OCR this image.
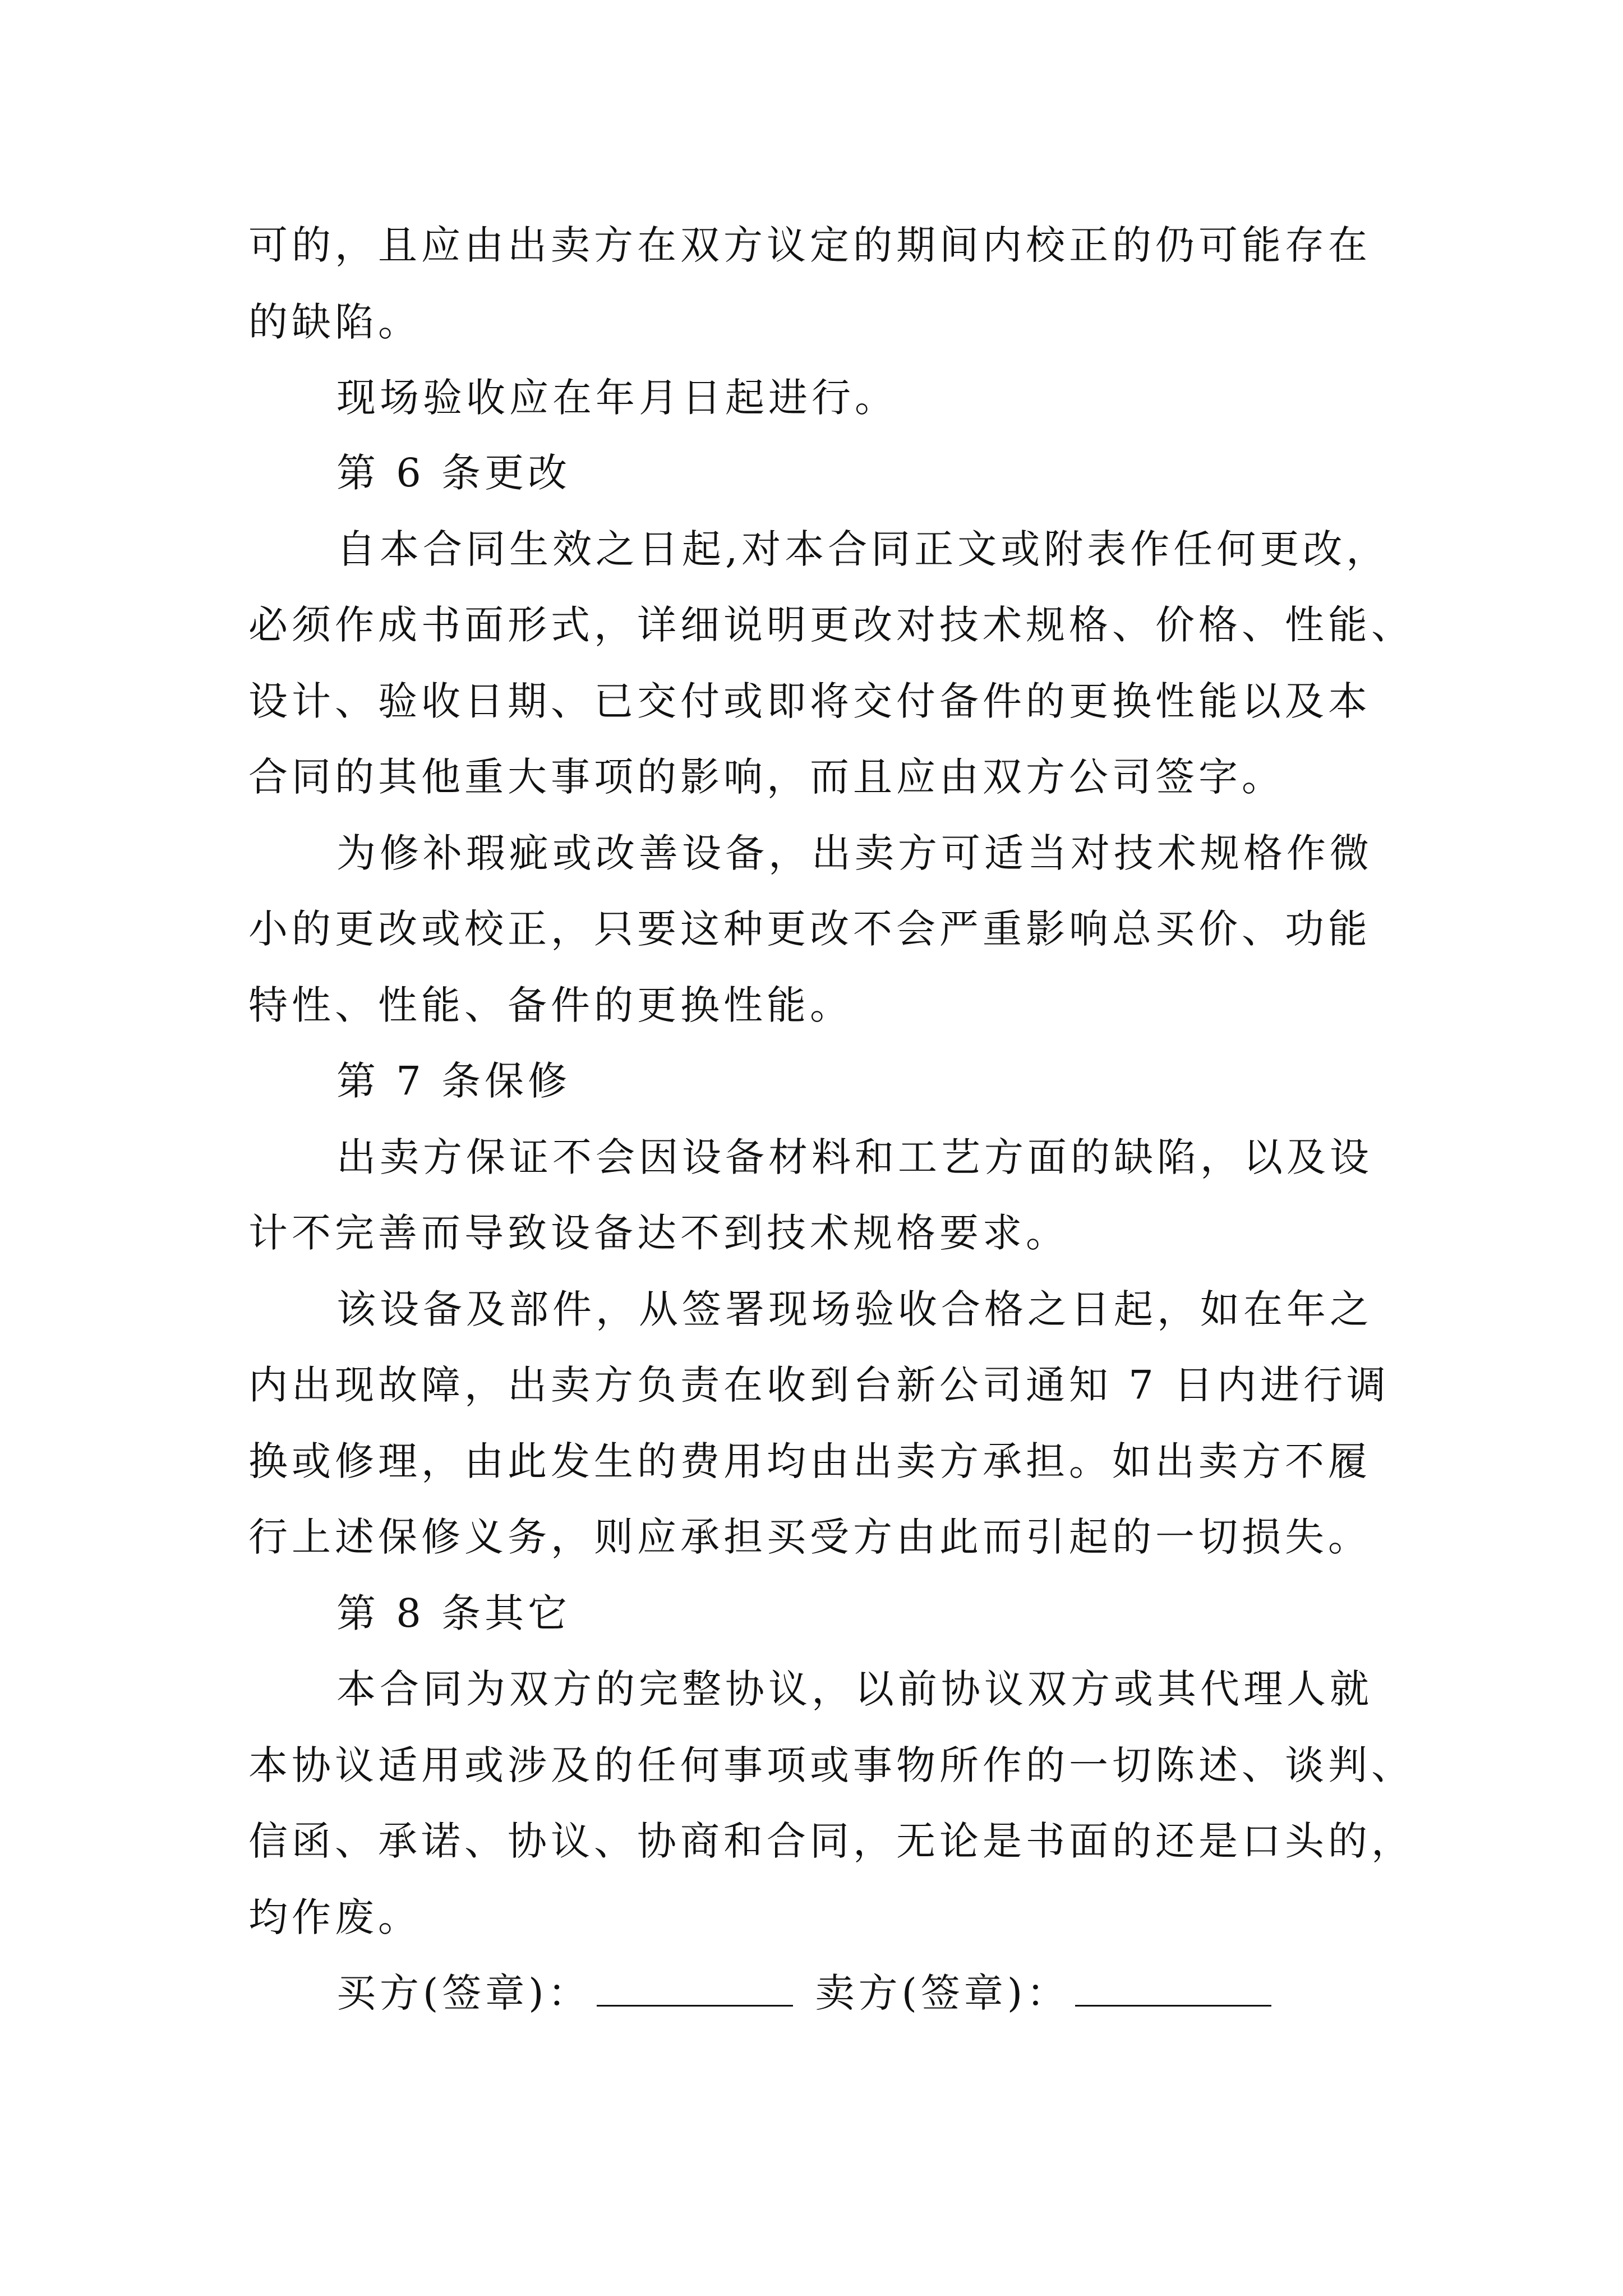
可的，且应由出卖方在双方议定的期间内校正的仍可能存在
的缺陷。
现场验收应在年月日起进行。
第 6 条更改
自本合同生效之日起,对本合同正文或附表作任何更改，
必须作成书面形式，详细说明更改对技术规格、价格、性能、
设计、验收日期、已交付或即将交付备件的更换性能以及本
合同的其他重大事项的影响，而且应由双方公司签字。
为修补瑕疵或改善设备，出卖方可适当对技术规格作微
小的更改或校正，只要这种更改不会严重影响总买价、功能
特性、性能、备件的更换性能。
第 7 条保修
出卖方保证不会因设备材料和工艺方面的缺陷，以及设
计不完善而导致设备达不到技术规格要求。
该设备及部件，从签署现场验收合格之日起，如在年之
内出现故障，出卖方负责在收到台新公司通知 7 日内进行调
换或修理，由此发生的费用均由出卖方承担。如出卖方不履
行上述保修义务，则应承担买受方由此而引起的一切损失。
第 8 条其它
本合同为双方的完整协议，以前协议双方或其代理人就
本协议适用或涉及的任何事项或事物所作的一切陈述、谈判、
信函、承诺、协议、协商和合同，无论是书面的还是口头的，
均作废。
买方(签章)：	卖方(签章)：
